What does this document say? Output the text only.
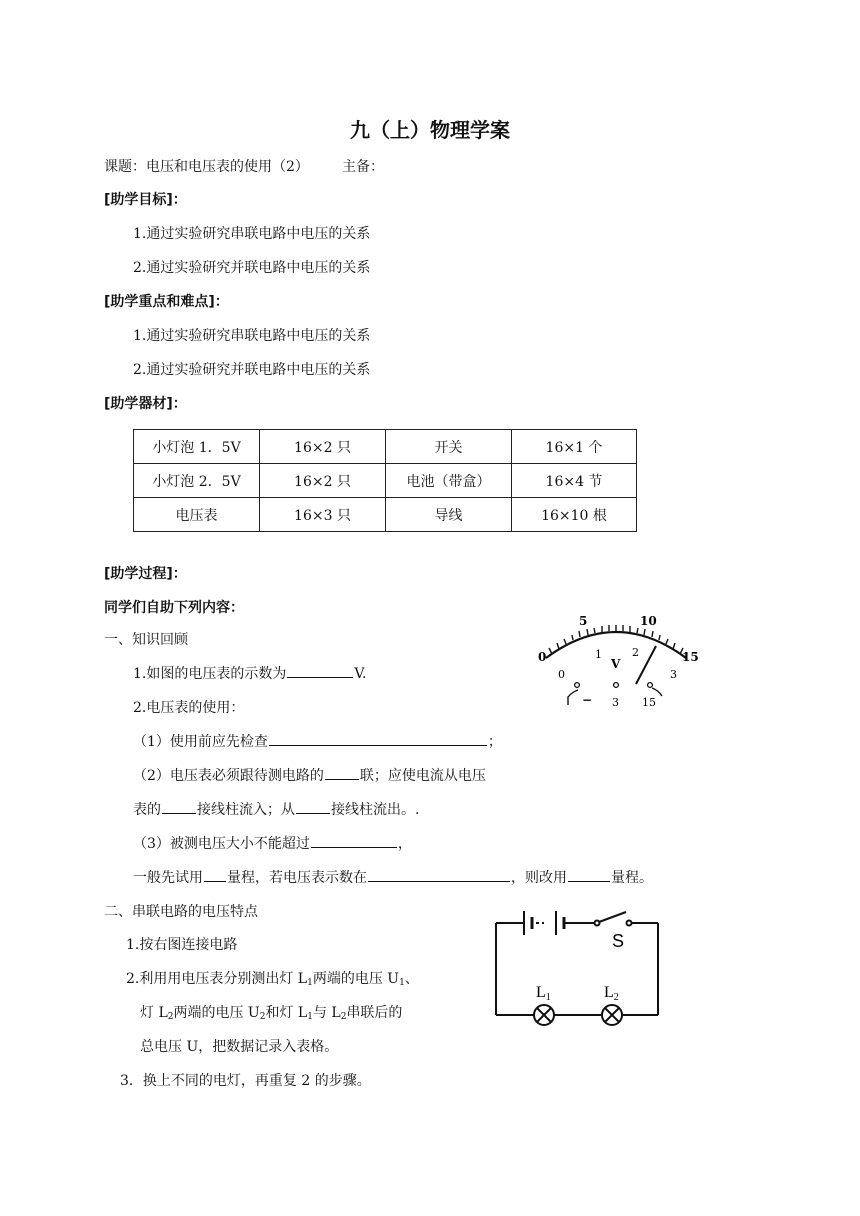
九（上）物理学案
课题：电压和电压表的使用（2） 主备：
[助学目标]：
1.通过实验研究串联电路中电压的关系
2.通过实验研究并联电路中电压的关系
[助学重点和难点]：
1.通过实验研究串联电路中电压的关系
2.通过实验研究并联电路中电压的关系
[助学器材]：
小灯泡 1．5V	16×2 只	开关	16×1 个
小灯泡 2．5V	16×2 只	电池（带盒）	16×4 节
电压表	16×3 只	导线	16×10 根
[助学过程]：
同学们自助下列内容：
一、知识回顾
1.如图的电压表的示数为	V.
2.电压表的使用：
（1）使用前应先检查	；
（2）电压表必须跟待测电路的	联；应使电流从电压
表的	接线柱流入；从	接线柱流出。.
（3）被测电压大小不能超过	，
一般先试用 量程，若电压表示数在	，则改用	量程。
0
5	10
15
0
1	2
3
V
− 3 15
二、串联电路的电压特点
1.按右图连接电路
2.利用用电压表分别测出灯 $L_1$两端的电压 $U_1$、
灯 $L_2$两端的电压 $U_2$和灯 $L_1$与 $L_2$串联后的
总电压 U，把数据记录入表格。
3．换上不同的电灯，再重复 2 的步骤。
S
L1	L2
